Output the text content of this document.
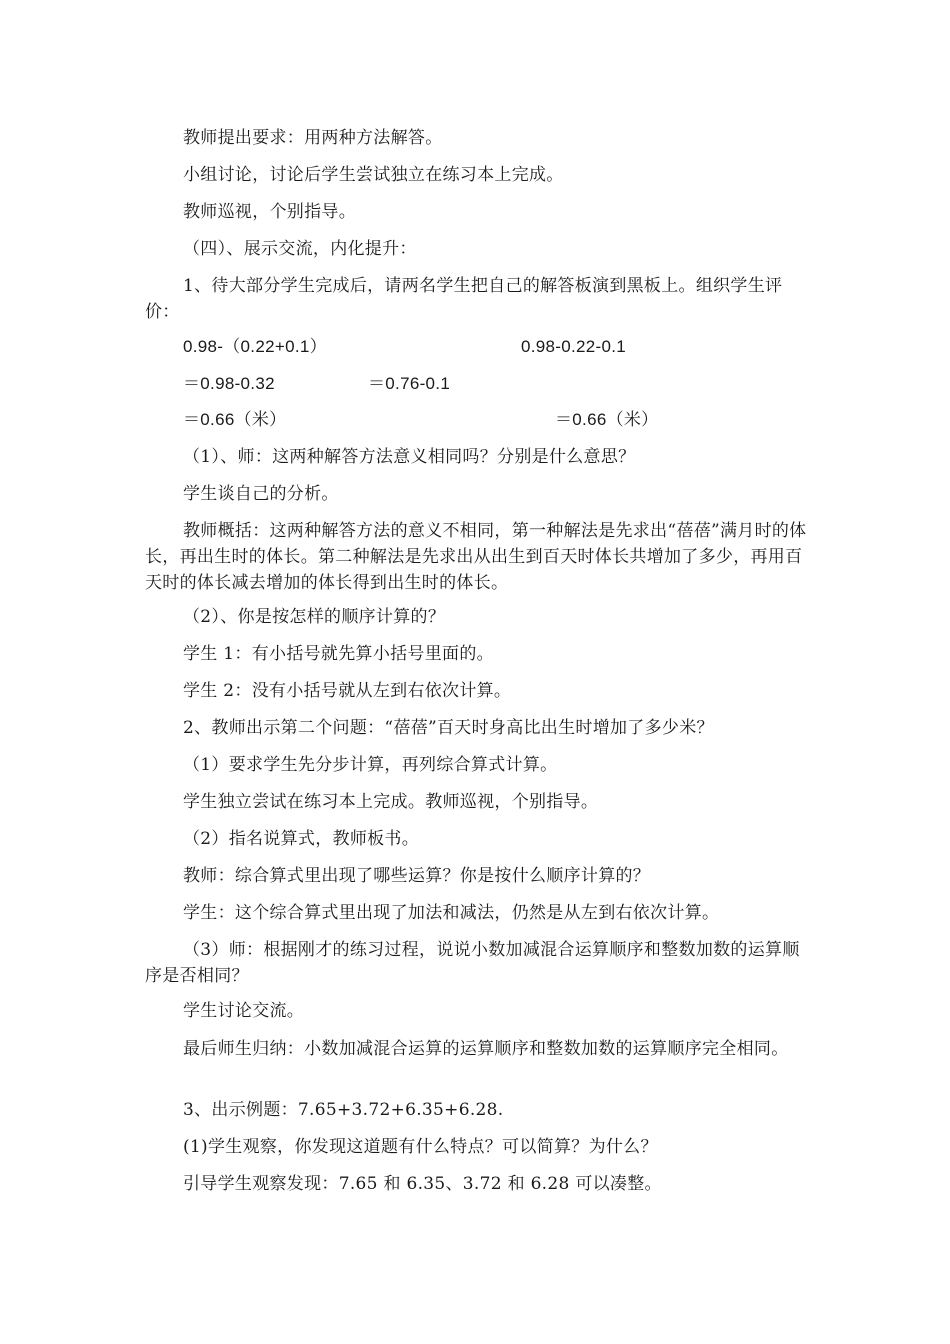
教师提出要求：用两种方法解答。
小组讨论，讨论后学生尝试独立在练习本上完成。
教师巡视，个别指导。
（四）、展示交流，内化提升：
1、待大部分学生完成后，请两名学生把自己的解答板演到黑板上。组织学生评价：
0.98-（0.22+0.1）	0.98-0.22-0.1
＝0.98-0.32	＝0.76-0.1
＝0.66（米）	＝0.66（米）
（1）、师：这两种解答方法意义相同吗？分别是什么意思？
学生谈自己的分析。
教师概括：这两种解答方法的意义不相同，第一种解法是先求出“蓓蓓”满月时的体长，再出生时的体长。第二种解法是先求出从出生到百天时体长共增加了多少，再用百天时的体长减去增加的体长得到出生时的体长。
（2）、你是按怎样的顺序计算的？
学生 1：有小括号就先算小括号里面的。
学生 2：没有小括号就从左到右依次计算。
2、教师出示第二个问题：“蓓蓓”百天时身高比出生时增加了多少米？
（1）要求学生先分步计算，再列综合算式计算。
学生独立尝试在练习本上完成。教师巡视，个别指导。
（2）指名说算式，教师板书。
教师：综合算式里出现了哪些运算？你是按什么顺序计算的？
学生：这个综合算式里出现了加法和减法，仍然是从左到右依次计算。
（3）师：根据刚才的练习过程，说说小数加减混合运算顺序和整数加数的运算顺序是否相同？
学生讨论交流。
最后师生归纳：小数加减混合运算的运算顺序和整数加数的运算顺序完全相同。
3、出示例题：7.65+3.72+6.35+6.28.
(1)学生观察，你发现这道题有什么特点？可以简算？为什么？
引导学生观察发现：7.65 和 6.35、3.72 和 6.28 可以凑整。
